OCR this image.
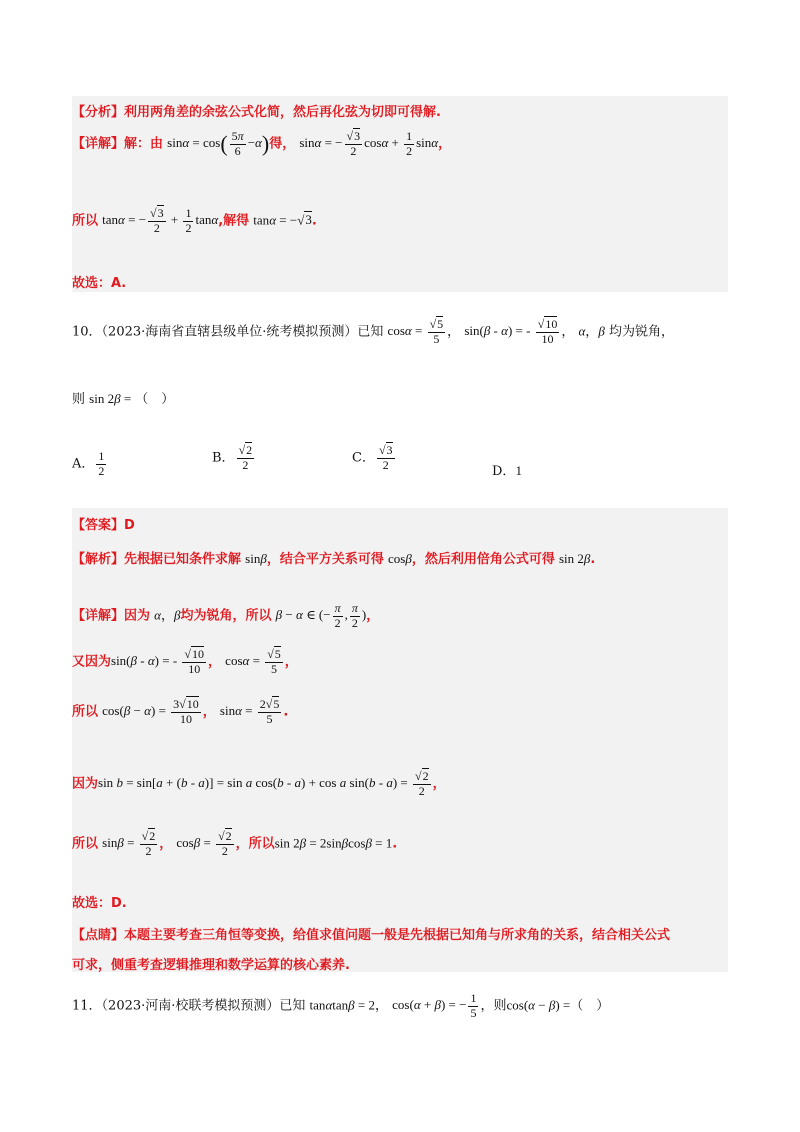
【分析】利用两角差的余弦公式化简，然后再化弦为切即可得解.
【详解】解：由 $\sin\alpha = \cos( \frac{5\pi}{6} -\alpha)$得， sinα = − $\frac{√3}{2}$ $\cos\alpha + \frac{1}{2}$ sinα，
所以 tanα = − $\frac{√3}{2} + \frac{1}{2} \tan\alpha$,解得 tanα = −√3.
故选：A.
10．（2023·海南省直辖县级单位·统考模拟预测）已知 $\cos\alpha = \frac{√5}{5}$ ， sin(β - α) = - $\frac{√10}{10}$ ， α，β 均为锐角，
则 sin 2β = （　）
A． $\frac{1}{2}$	B． $\frac{√2}{2}$	C． $\frac{√3}{2}$	D．1
【答案】D
【解析】先根据已知条件求解 sinβ，结合平方关系可得 cosβ，然后利用倍角公式可得 sin 2β.
【详解】因为 α，β均为锐角，所以 β − α ∈ (− $\frac{\pi}{2}$ , $\frac{\pi}{2}$ )，
又因为sin(β - α) = - $\frac{√10}{10}$ ， $\cos\alpha = \frac{√5}{5}$ ，
所以 $\cos(\beta - \alpha) = \frac{3√10}{10}$ ， $\sin\alpha = \frac{2√5}{5}$ .
因为sin b = sin[a + (b - a)] = sin a cos(b - a) + cos a $\sin(b - a) = \frac{√2}{2}$ ，
所以 $\sin\beta = \frac{√2}{2}$ ， $\cos\beta = \frac{√2}{2}$ ，所以sin 2β = 2sinβcosβ = 1.
故选：D.
【点睛】本题主要考查三角恒等变换，给值求值问题一般是先根据已知角与所求角的关系，结合相关公式
可求，侧重考查逻辑推理和数学运算的核心素养.
11．（2023·河南·校联考模拟预测）已知 tanαtanβ = 2， cos(α + β) = − $\frac{1}{5}$ ，则cos(α − β) =（　）
